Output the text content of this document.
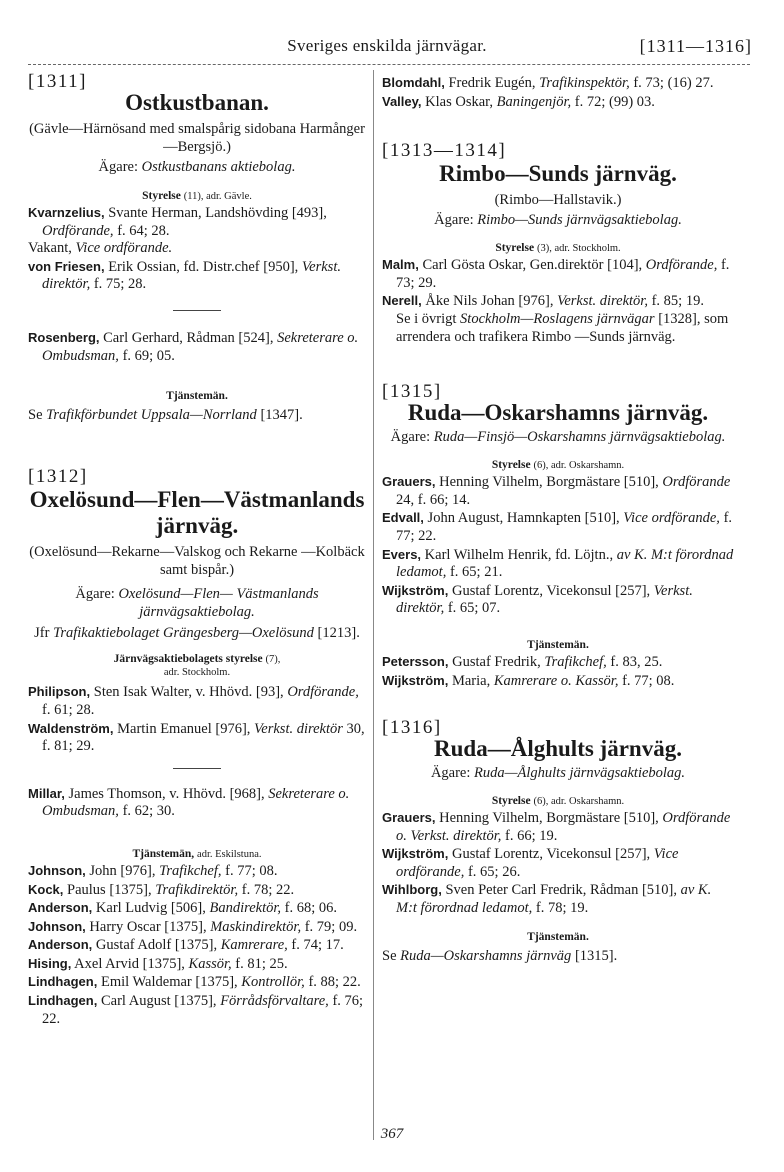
Sveriges enskilda järnvägar.	[1311—1316]

[1311]

Ostkustbanan.

(Gävle—Härnösand med smalspårig sidobana Harmånger—Bergsjö.)

Ägare: Ostkustbanans aktiebolag.

Styrelse (11), adr. Gävle.

Kvarnzelius, Svante Herman, Landshövding [493], Ordförande, f. 64; 28.

Vakant, Vice ordförande.

von Friesen, Erik Ossian, fd. Distr.chef [950], Verkst. direktör, f. 75; 28.

Rosenberg, Carl Gerhard, Rådman [524], Sekreterare o. Ombudsman, f. 69; 05.

Tjänstemän.

Se Trafikförbundet Uppsala—Norrland [1347].

[1312]

Oxelösund—Flen—Västmanlands järnväg.

(Oxelösund—Rekarne—Valskog och Rekarne —Kolbäck samt bispår.)

Ägare: Oxelösund—Flen— Västmanlands järnvägsaktiebolag.

Jfr Trafikaktiebolaget Grängesberg—Oxelösund [1213].

Järnvägsaktiebolagets styrelse (7),

adr. Stockholm.

Philipson, Sten Isak Walter, v. Hhövd. [93], Ordförande, f. 61; 28.

Waldenström, Martin Emanuel [976], Verkst. direktör 30, f. 81; 29.

Millar, James Thomson, v. Hhövd. [968], Sekreterare o. Ombudsman, f. 62; 30.

Tjänstemän, adr. Eskilstuna.

Johnson, John [976], Trafikchef, f. 77; 08.

Kock, Paulus [1375], Trafikdirektör, f. 78; 22.

Anderson, Karl Ludvig [506], Bandirektör, f. 68; 06.

Johnson, Harry Oscar [1375], Maskindirektör, f. 79; 09.

Anderson, Gustaf Adolf [1375], Kamrerare, f. 74; 17.

Hising, Axel Arvid [1375], Kassör, f. 81; 25.

Lindhagen, Emil Waldemar [1375], Kontrollör, f. 88; 22.

Lindhagen, Carl August [1375], Förrådsförvaltare, f. 76; 22.

Blomdahl, Fredrik Eugén, Trafikinspektör, f. 73; (16) 27.

Valley, Klas Oskar, Baningenjör, f. 72; (99) 03.

[1313—1314]

Rimbo—Sunds järnväg.

(Rimbo—Hallstavik.)

Ägare: Rimbo—Sunds järnvägsaktiebolag.

Styrelse (3), adr. Stockholm.

Malm, Carl Gösta Oskar, Gen.direktör [104], Ordförande, f. 73; 29.

Nerell, Åke Nils Johan [976], Verkst. direktör, f. 85; 19.

Se i övrigt Stockholm—Roslagens järnvägar [1328], som arrendera och trafikera Rimbo —Sunds järnväg.

[1315]

Ruda—Oskarshamns järnväg.

Ägare: Ruda—Finsjö—Oskarshamns järnvägsaktiebolag.

Styrelse (6), adr. Oskarshamn.

Grauers, Henning Vilhelm, Borgmästare [510], Ordförande 24, f. 66; 14.

Edvall, John August, Hamnkapten [510], Vice ordförande, f. 77; 22.

Evers, Karl Wilhelm Henrik, fd. Löjtn., av K. M:t förordnad ledamot, f. 65; 21.

Wijkström, Gustaf Lorentz, Vicekonsul [257], Verkst. direktör, f. 65; 07.

Tjänstemän.

Petersson, Gustaf Fredrik, Trafikchef, f. 83, 25.

Wijkström, Maria, Kamrerare o. Kassör, f. 77; 08.

[1316]

Ruda—Ålghults järnväg.

Ägare: Ruda—Ålghults järnvägsaktiebolag.

Styrelse (6), adr. Oskarshamn.

Grauers, Henning Vilhelm, Borgmästare [510], Ordförande o. Verkst. direktör, f. 66; 19.

Wijkström, Gustaf Lorentz, Vicekonsul [257], Vice ordförande, f. 65; 26.

Wihlborg, Sven Peter Carl Fredrik, Rådman [510], av K. M:t förordnad ledamot, f. 78; 19.

Tjänstemän.

Se Ruda—Oskarshamns järnväg [1315].

367
